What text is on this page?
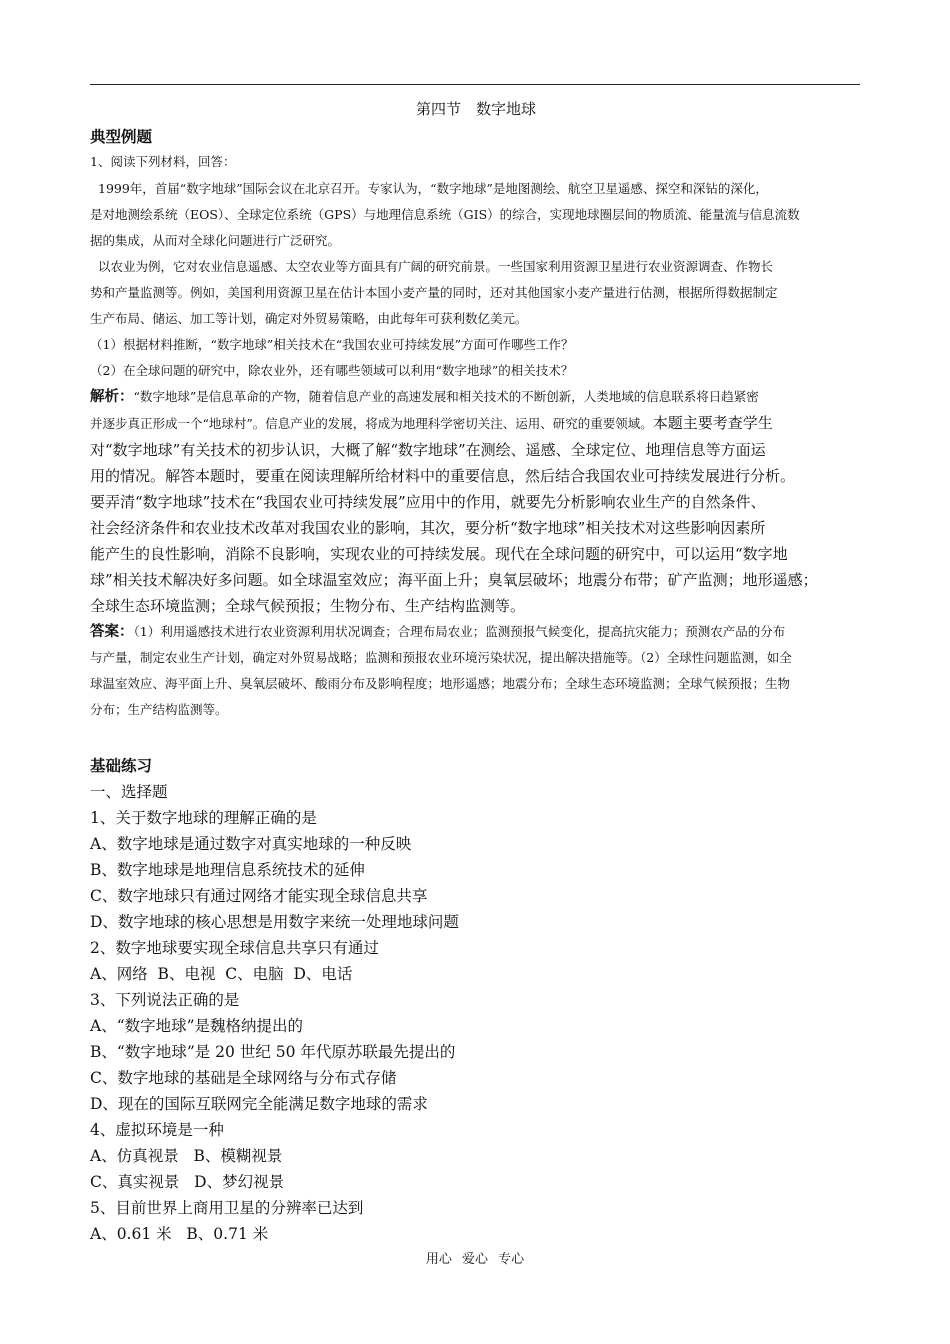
第四节　数字地球

典型例题

1、阅读下列材料，回答：

1999年，首届“数字地球”国际会议在北京召开。专家认为，“数字地球”是地图测绘、航空卫星遥感、探空和深钻的深化，

是对地测绘系统（EOS）、全球定位系统（GPS）与地理信息系统（GIS）的综合，实现地球圈层间的物质流、能量流与信息流数

据的集成，从而对全球化问题进行广泛研究。

以农业为例，它对农业信息遥感、太空农业等方面具有广阔的研究前景。一些国家利用资源卫星进行农业资源调查、作物长

势和产量监测等。例如，美国利用资源卫星在估计本国小麦产量的同时，还对其他国家小麦产量进行估测，根据所得数据制定

生产布局、储运、加工等计划，确定对外贸易策略，由此每年可获利数亿美元。

（1）根据材料推断，“数字地球”相关技术在“我国农业可持续发展”方面可作哪些工作？

（2）在全球问题的研究中，除农业外，还有哪些领域可以利用“数字地球”的相关技术？

解析：“数字地球”是信息革命的产物，随着信息产业的高速发展和相关技术的不断创新，人类地域的信息联系将日趋紧密

并逐步真正形成一个“地球村”。信息产业的发展，将成为地理科学密切关注、运用、研究的重要领域。本题主要考查学生

对“数字地球”有关技术的初步认识，大概了解“数字地球”在测绘、遥感、全球定位、地理信息等方面运

用的情况。解答本题时，要重在阅读理解所给材料中的重要信息，然后结合我国农业可持续发展进行分析。

要弄清“数字地球”技术在“我国农业可持续发展”应用中的作用，就要先分析影响农业生产的自然条件、

社会经济条件和农业技术改革对我国农业的影响，其次，要分析“数字地球”相关技术对这些影响因素所

能产生的良性影响，消除不良影响，实现农业的可持续发展。现代在全球问题的研究中，可以运用“数字地

球”相关技术解决好多问题。如全球温室效应；海平面上升；臭氧层破坏；地震分布带；矿产监测；地形遥感；

全球生态环境监测；全球气候预报；生物分布、生产结构监测等。

答案：（1）利用遥感技术进行农业资源利用状况调查；合理布局农业；监测预报气候变化，提高抗灾能力；预测农产品的分布

与产量，制定农业生产计划，确定对外贸易战略；监测和预报农业环境污染状况，提出解决措施等。（2）全球性问题监测，如全

球温室效应、海平面上升、臭氧层破坏、酸雨分布及影响程度；地形遥感；地震分布；全球生态环境监测；全球气候预报；生物

分布；生产结构监测等。

基础练习

一、选择题

1、关于数字地球的理解正确的是

A、数字地球是通过数字对真实地球的一种反映

B、数字地球是地理信息系统技术的延伸

C、数字地球只有通过网络才能实现全球信息共享

D、数字地球的核心思想是用数字来统一处理地球问题

2、数字地球要实现全球信息共享只有通过

A、网络  B、电视  C、电脑  D、电话

3、下列说法正确的是

A、“数字地球”是魏格纳提出的

B、“数字地球”是 20 世纪 50 年代原苏联最先提出的

C、数字地球的基础是全球网络与分布式存储

D、现在的国际互联网完全能满足数字地球的需求

4、虚拟环境是一种

A、仿真视景   B、模糊视景

C、真实视景   D、梦幻视景

5、目前世界上商用卫星的分辨率已达到

A、0.61 米   B、0.71 米

用心 爱心 专心
